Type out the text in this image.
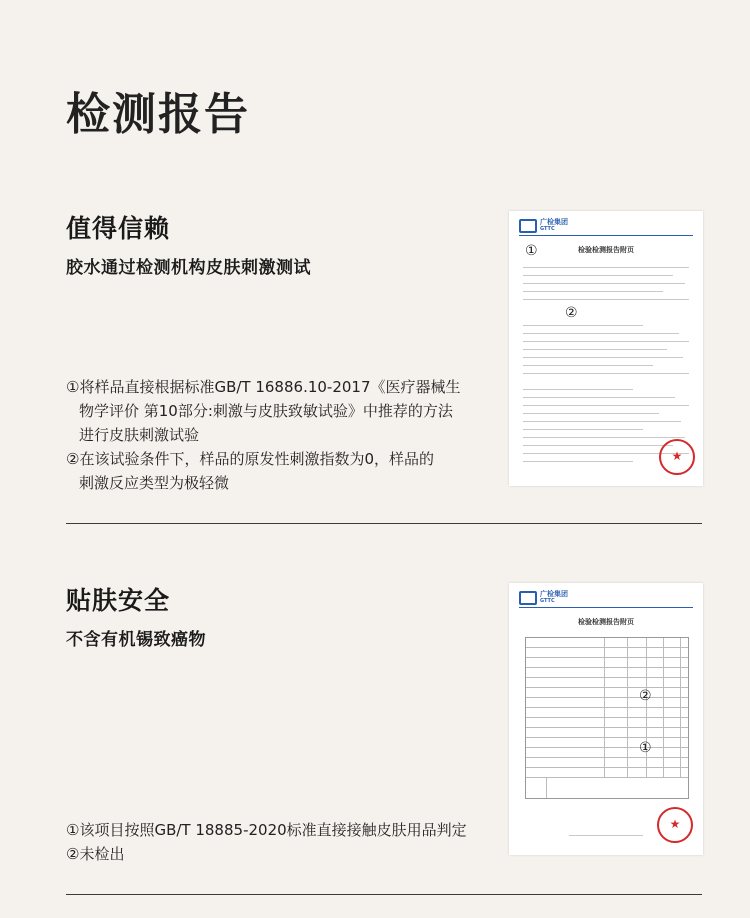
检测报告
值得信赖
胶水通过检测机构皮肤刺激测试
①将样品直接根据标准GB/T 16886.10-2017《医疗器械生
物学评价 第10部分:刺激与皮肤致敏试验》中推荐的方法
进行皮肤刺激试验
②在该试验条件下，样品的原发性刺激指数为0，样品的
刺激反应类型为极轻微
广检集团
GTTC
检验检测报告附页
①
②
★
贴肤安全
不含有机锡致癌物
①该项目按照GB/T 18885-2020标准直接接触皮肤用品判定
②未检出
广检集团
GTTC
检验检测报告附页
②
①
★
